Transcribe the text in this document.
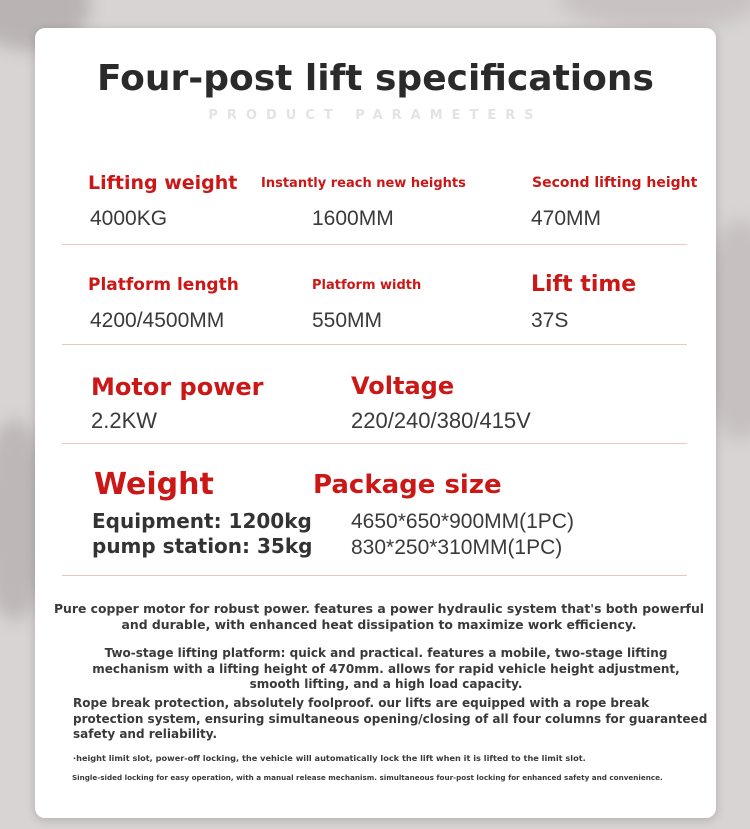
Four-post lift specifications
PRODUCT PARAMETERS
Lifting weight
4000KG
Instantly reach new heights
1600MM
Second lifting height
470MM
Platform length
4200/4500MM
Platform width
550MM
Lift time
37S
Motor power
2.2KW
Voltage
220/240/380/415V
Weight	Package size
Equipment: 1200kg
pump station: 35kg
4650*650*900MM(1PC)
830*250*310MM(1PC)
Pure copper motor for robust power. features a power hydraulic system that's both powerful and durable, with enhanced heat dissipation to maximize work efficiency.
Two-stage lifting platform: quick and practical. features a mobile, two-stage lifting mechanism with a lifting height of 470mm. allows for rapid vehicle height adjustment, smooth lifting, and a high load capacity.
Rope break protection, absolutely foolproof. our lifts are equipped with a rope break protection system, ensuring simultaneous opening/closing of all four columns for guaranteed safety and reliability.
·height limit slot, power-off locking, the vehicle will automatically lock the lift when it is lifted to the limit slot.
Single-sided locking for easy operation, with a manual release mechanism. simultaneous four-post locking for enhanced safety and convenience.
